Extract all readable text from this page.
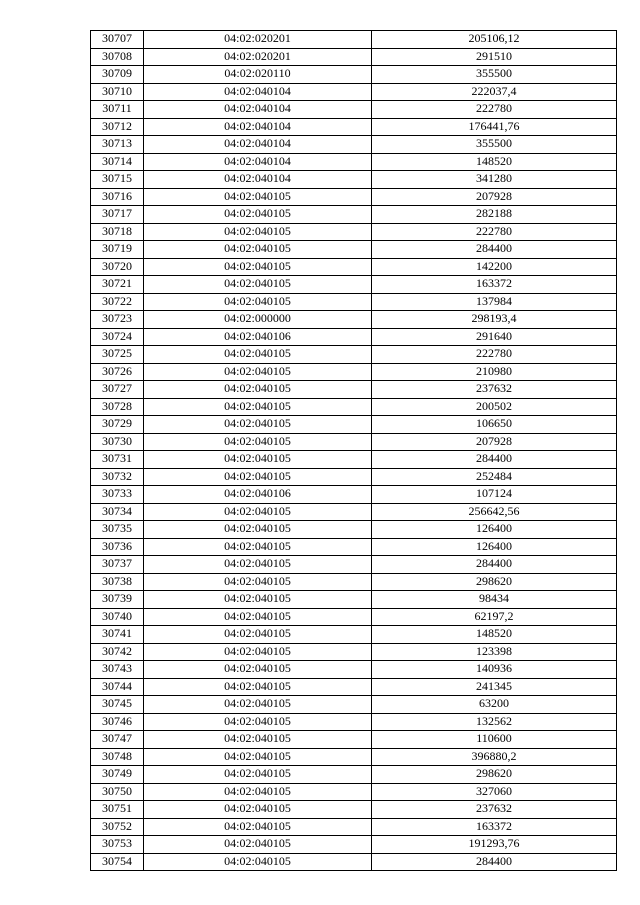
30707	04:02:020201	205106,12
30708	04:02:020201	291510
30709	04:02:020110	355500
30710	04:02:040104	222037,4
30711	04:02:040104	222780
30712	04:02:040104	176441,76
30713	04:02:040104	355500
30714	04:02:040104	148520
30715	04:02:040104	341280
30716	04:02:040105	207928
30717	04:02:040105	282188
30718	04:02:040105	222780
30719	04:02:040105	284400
30720	04:02:040105	142200
30721	04:02:040105	163372
30722	04:02:040105	137984
30723	04:02:000000	298193,4
30724	04:02:040106	291640
30725	04:02:040105	222780
30726	04:02:040105	210980
30727	04:02:040105	237632
30728	04:02:040105	200502
30729	04:02:040105	106650
30730	04:02:040105	207928
30731	04:02:040105	284400
30732	04:02:040105	252484
30733	04:02:040106	107124
30734	04:02:040105	256642,56
30735	04:02:040105	126400
30736	04:02:040105	126400
30737	04:02:040105	284400
30738	04:02:040105	298620
30739	04:02:040105	98434
30740	04:02:040105	62197,2
30741	04:02:040105	148520
30742	04:02:040105	123398
30743	04:02:040105	140936
30744	04:02:040105	241345
30745	04:02:040105	63200
30746	04:02:040105	132562
30747	04:02:040105	110600
30748	04:02:040105	396880,2
30749	04:02:040105	298620
30750	04:02:040105	327060
30751	04:02:040105	237632
30752	04:02:040105	163372
30753	04:02:040105	191293,76
30754	04:02:040105	284400
